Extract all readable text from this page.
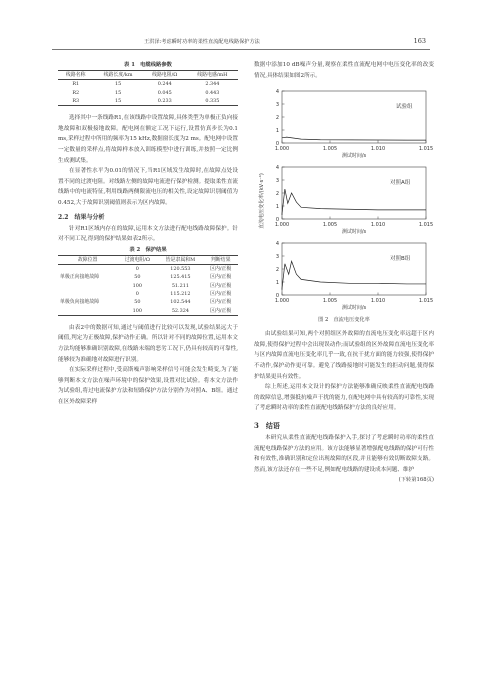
王洪泽:考虑瞬时功率的柔性直流配电线路保护方法	163
表 1　电缆线路参数
线路名称	线路长度/km	线路电阻/Ω	线路电感/mH
R1	15	0.244	2.344
R2	15	0.045	0.443
R3	15	0.233	0.335

选择其中一条线路R1,在该线路中设置故障,具体类型为单极正负向接地故障和双极接地故障。配电网在额定工况下运行,设置仿真步长为0.1 ms,采样过程中所用的频率为15 kHz,数据窗长度为2 ms。配电网中设置一定数量的采样点,将故障样本放入训练模型中进行训练,并按照一定比例生成测试集。

在显著性水平为0.01的情况下,当R1区域发生故障时,在故障点处设置不同的过渡电阻。对线路左侧的故障电流进行保护检测。提取柔性直流线路中的电流特征,利用线路两侧限流电压的相关性,设定故障识别阈值为0.452,大于故障识别阈值则表示为区内故障。

2.2　结果与分析

针对R1区域内存在的故障,运用本文方法进行配电线路故障保护。针对不同工况,得到的保护结果如表2所示。

表 2　保护结果
故障位置	过渡电阻/Ω	皆是隶属和M	判断结果
单极正向接地故障	0	120.553	区内/正极
	50	125.415	区内/正极
	100	51.211	区内/正极
单极负向接地故障	0	115.212	区内/正极
	50	102.544	区内/正极
	100	52.324	区内/正极

由表2中的数据可知,通过与阈值进行比较可以发现,试验结果远大于阈值,判定为正极故障,保护动作正确。所以针对不同的故障位置,运用本文方法均能够准确识别故障,在线路末端的恶劣工况下,仍具有较高的可靠性,能够较为准确地对故障进行识别。

在实际采样过程中,受高斯噪声影响采样信号可能会发生畸变,为了能够判断本文方法在噪声环境中的保护效果,设置对比试验。将本文方法作为试验组,将过电流保护方法和短路保护方法分别作为对照A、B组。通过在区外故障采样

数据中添加10 dB噪声分量,观察在柔性直流配电网中电压变化率的改变情况,具体结果如图2所示。

0
1
2
3
4
1.000	1.005	1.010	1.015
测试时间/s
试验组
0
1
2
3
4
1.000	1.005	1.010	1.015
测试时间/s
对照A组
0
1
2
3
4
1.000	1.005	1.010	1.015
测试时间/s
对照B组
直流电压变化率/(kV·s⁻¹)
图 2　直流电压变化率

由试验结果可知,两个对照组区外故障的直流电压变化率远超于区内故障,使得保护过程中会出现误动作;而试验组的区外故障直流电压变化率与区内故障直流电压变化率几乎一致,在抗干扰方面的能力较强,使得保护不动作,保护动作更可靠。避免了线路接地时可能发生的拒动问题,使得保护结果更具有效性。

综上所述,运用本文设计的保护方法能够准确反映柔性直流配电线路的故障信息,增强抵抗噪声干扰的能力,在配电网中具有较高的可靠性,实现了考虑瞬时功率的柔性直流配电线路保护方法的良好应用。

3　结语

本研究从柔性直流配电线路保护入手,探讨了考虑瞬时功率的柔性直流配电线路保护方法的应用。该方法能够显著增强配电线路的保护可行性和有效性,准确识别和定位出现故障的区段,并且能够有效切断故障支路。然而,该方法还存在一些不足,例如配电线路的建设成本问题、维护

(下转第168页)
